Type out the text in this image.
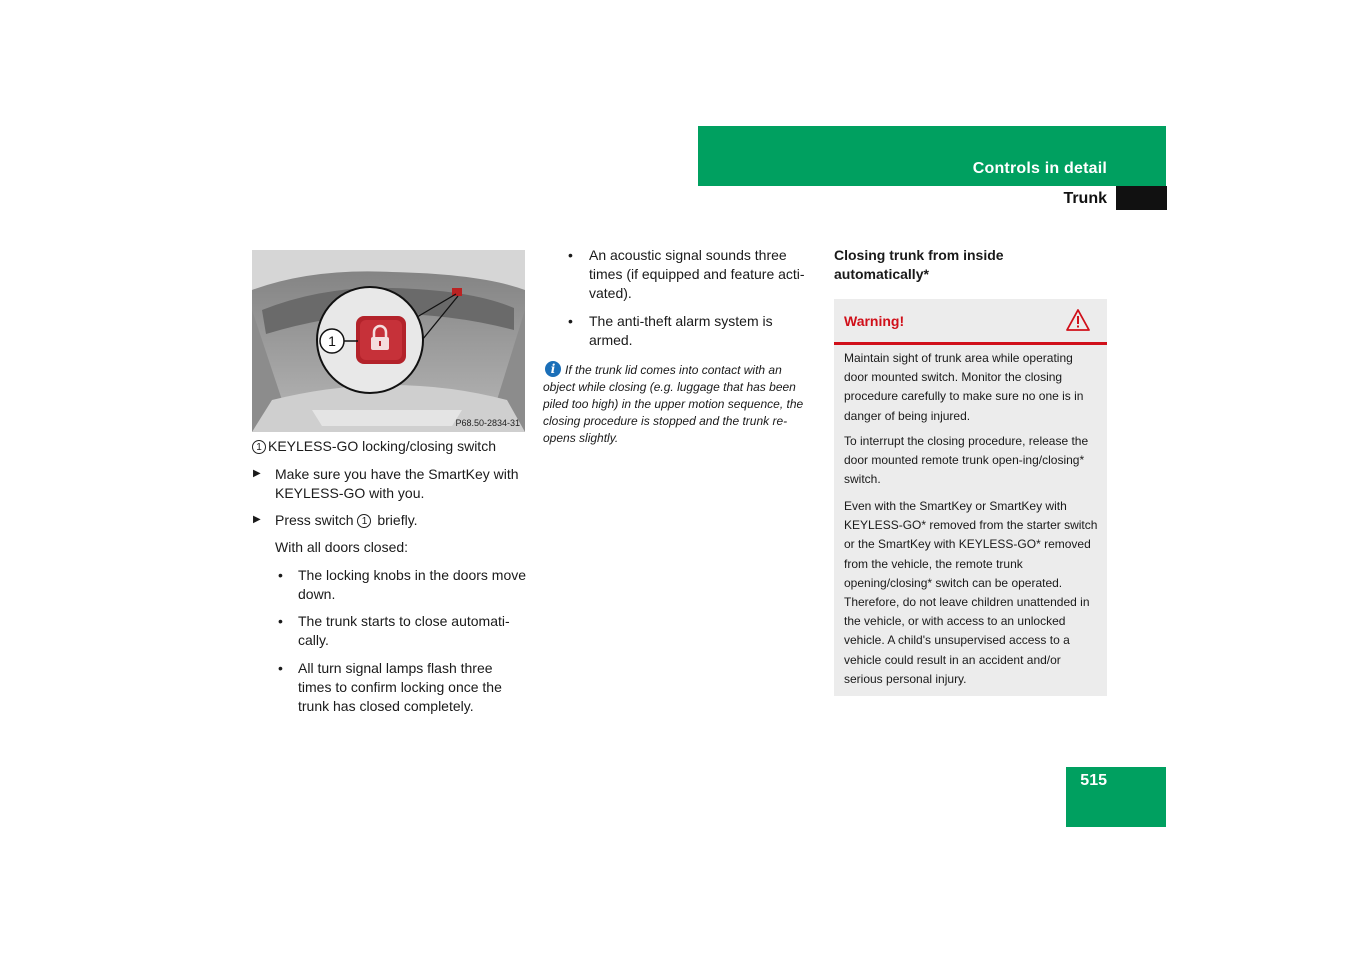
Controls in detail
Trunk
1
P68.50-2834-31
1 KEYLESS-GO locking/closing switch
▶ Make sure you have the SmartKey with KEYLESS-GO with you.
▶ Press switch 1 briefly.
With all doors closed:
• The locking knobs in the doors move down.
• The trunk starts to close automati-cally.
• All turn signal lamps flash three times to confirm locking once the trunk has closed completely.
• An acoustic signal sounds three times (if equipped and feature acti-vated).
• The anti-theft alarm system is armed.
If the trunk lid comes into contact with an object while closing (e.g. luggage that has been piled too high) in the upper motion sequence, the closing procedure is stopped and the trunk re-opens slightly.
i
Closing trunk from inside
automatically*
Warning!
Maintain sight of trunk area while operating door mounted switch. Monitor the closing procedure carefully to make sure no one is in danger of being injured.
To interrupt the closing procedure, release the door mounted remote trunk open-ing/closing* switch.
Even with the SmartKey or SmartKey with KEYLESS-GO* removed from the starter switch or the SmartKey with KEYLESS-GO* removed from the vehicle, the remote trunk opening/closing* switch can be operated. Therefore, do not leave children unattended in the vehicle, or with access to an unlocked vehicle. A child's unsupervised access to a vehicle could result in an accident and/or serious personal injury.
515
